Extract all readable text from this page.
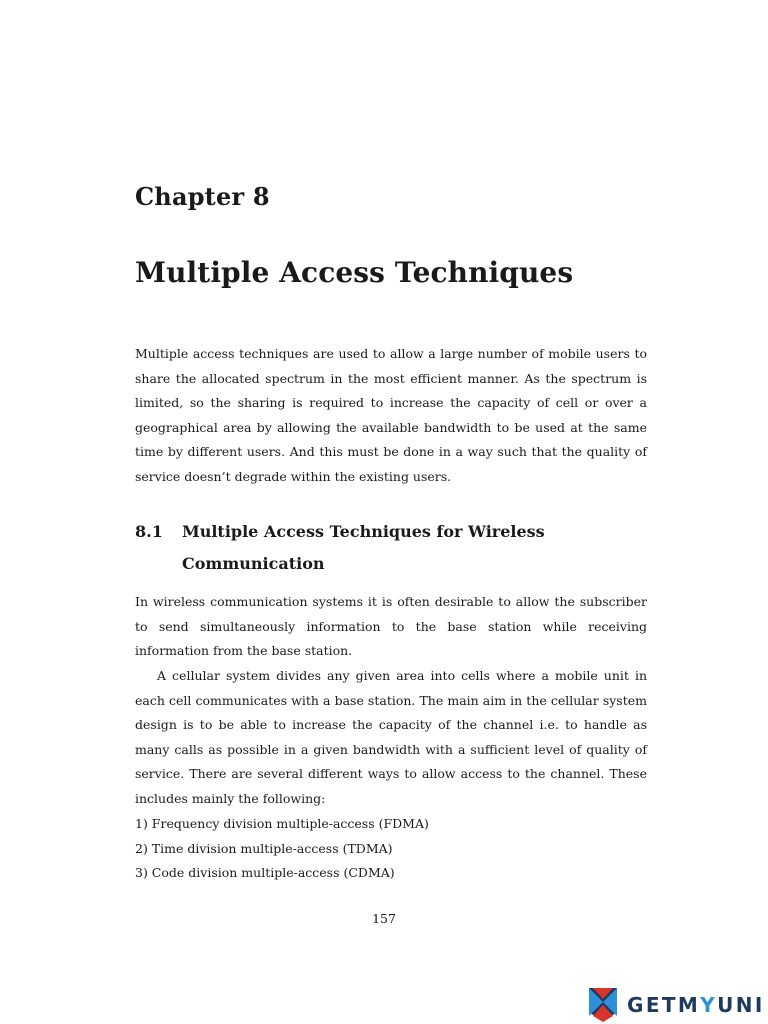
Chapter 8
Multiple Access Techniques

Multiple access techniques are used to allow a large number of mobile users to share the allocated spectrum in the most efficient manner. As the spectrum is limited, so the sharing is required to increase the capacity of cell or over a geographical area by allowing the available bandwidth to be used at the same time by different users. And this must be done in a way such that the quality of service doesn’t degrade within the existing users.

8.1 Multiple Access Techniques for Wireless Communication

In wireless communication systems it is often desirable to allow the subscriber to send simultaneously information to the base station while receiving information from the base station.

A cellular system divides any given area into cells where a mobile unit in each cell communicates with a base station. The main aim in the cellular system design is to be able to increase the capacity of the channel i.e. to handle as many calls as possible in a given bandwidth with a sufficient level of quality of service. There are several different ways to allow access to the channel. These includes mainly the following:

1) Frequency division multiple-access (FDMA)
2) Time division multiple-access (TDMA)
3) Code division multiple-access (CDMA)
157
GETMYUNI
